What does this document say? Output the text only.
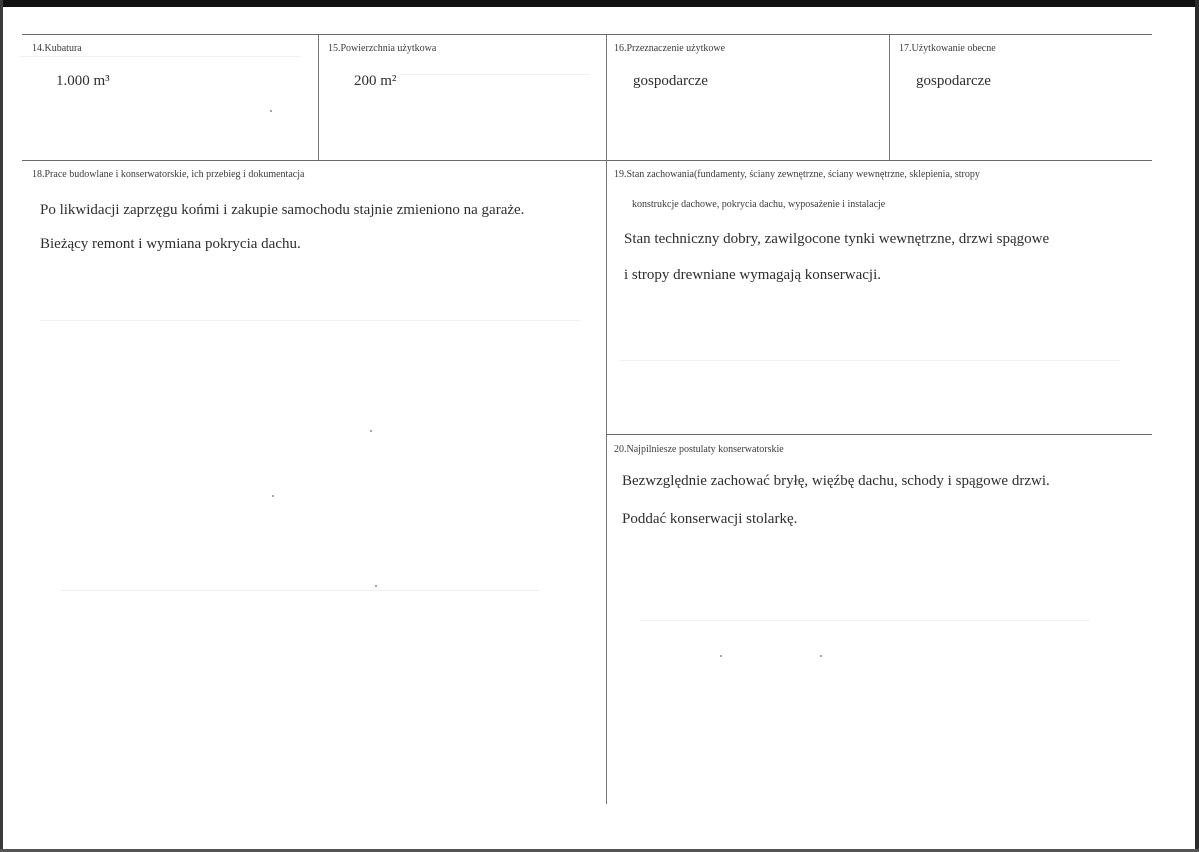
14.Kubatura
1.000 m³
15.Powierzchnia użytkowa
200 m²
16.Przeznaczenie użytkowe
gospodarcze
17.Użytkowanie obecne
gospodarcze
18.Prace budowlane i konserwatorskie, ich przebieg i dokumentacja
Po likwidacji zaprzęgu końmi i zakupie samochodu stajnie zmieniono na garaże.
Bieżący remont i wymiana pokrycia dachu.
19.Stan zachowania(fundamenty, ściany zewnętrzne, ściany wewnętrzne, sklepienia, stropy
konstrukcje dachowe, pokrycia dachu, wyposażenie i instalacje
Stan techniczny dobry, zawilgocone tynki wewnętrzne, drzwi spągowe
i stropy drewniane wymagają konserwacji.
20.Najpilniesze postulaty konserwatorskie
Bezwzględnie zachować bryłę, więźbę dachu, schody i spągowe drzwi.
Poddać konserwacji stolarkę.
